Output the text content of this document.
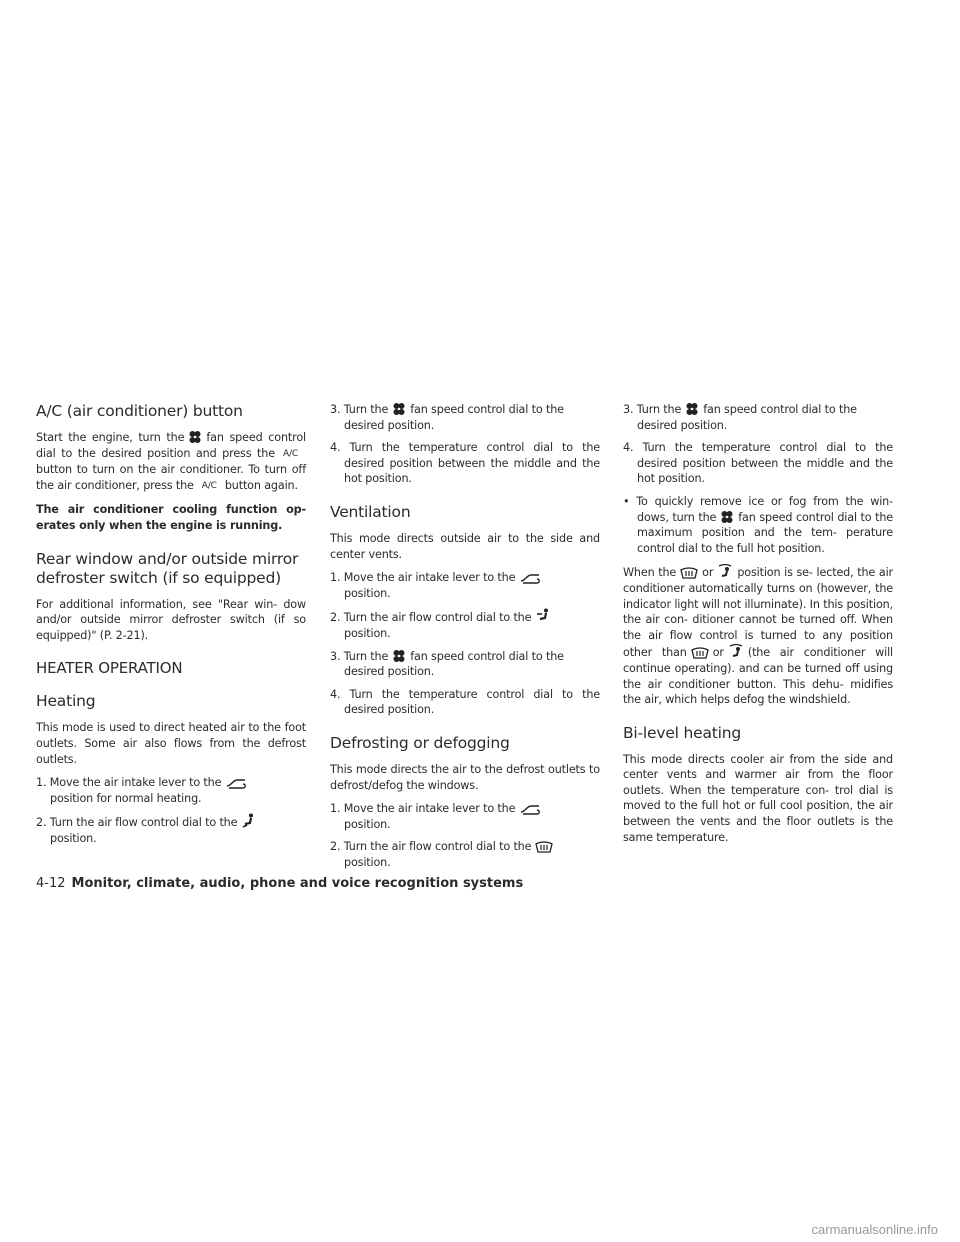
A/C (air conditioner) button

Start the engine, turn the fan speed control dial to the desired position and press the A/Cbutton to turn on the air conditioner. To turn off the air conditioner, press the A/C button again.

The air conditioner cooling function op- erates only when the engine is running.

Rear window and/or outside mirror defroster switch (if so equipped)

For additional information, see "Rear win- dow and/or outside mirror defroster switch (if so equipped)" (P. 2-21).

HEATER OPERATION
Heating

This mode is used to direct heated air to the foot outlets. Some air also flows from the defrost outlets.

1. Move the air intake lever to the

position for normal heating.
2. Turn the air flow control dial to the

position.
3. Turn the fan speed control dial to the desired position.
4. Turn the temperature control dial to the desired position between the middle and the hot position.
Ventilation

This mode directs outside air to the side and center vents.

1. Move the air intake lever to the

position.
2. Turn the air flow control dial to the

position.
3. Turn the fan speed control dial to the desired position.
4. Turn the temperature control dial to the desired position.
Defrosting or defogging

This mode directs the air to the defrost outlets to defrost/defog the windows.

1. Move the air intake lever to the

position.
2. Turn the air flow control dial to the

position.
3. Turn the fan speed control dial to the desired position.
4. Turn the temperature control dial to the desired position between the middle and the hot position.
• To quickly remove ice or fog from the win- dows, turn the fan speed control dial to the maximum position and the tem- perature control dial to the full hot position.

When the or position is se- lected, the air conditioner automatically turns on (however, the indicator light will not illuminate). In this position, the air con- ditioner cannot be turned off. When the air flow control is turned to any position other than or (the air conditioner will continue operating). and can be turned off using the air conditioner button. This dehu- midifies the air, which helps defog the windshield.

Bi-level heating

This mode directs cooler air from the side and center vents and warmer air from the floor outlets. When the temperature con- trol dial is moved to the full hot or full cool position, the air between the vents and the floor outlets is the same temperature.

4-12 Monitor, climate, audio, phone and voice recognition systems
carmanualsonline.info
